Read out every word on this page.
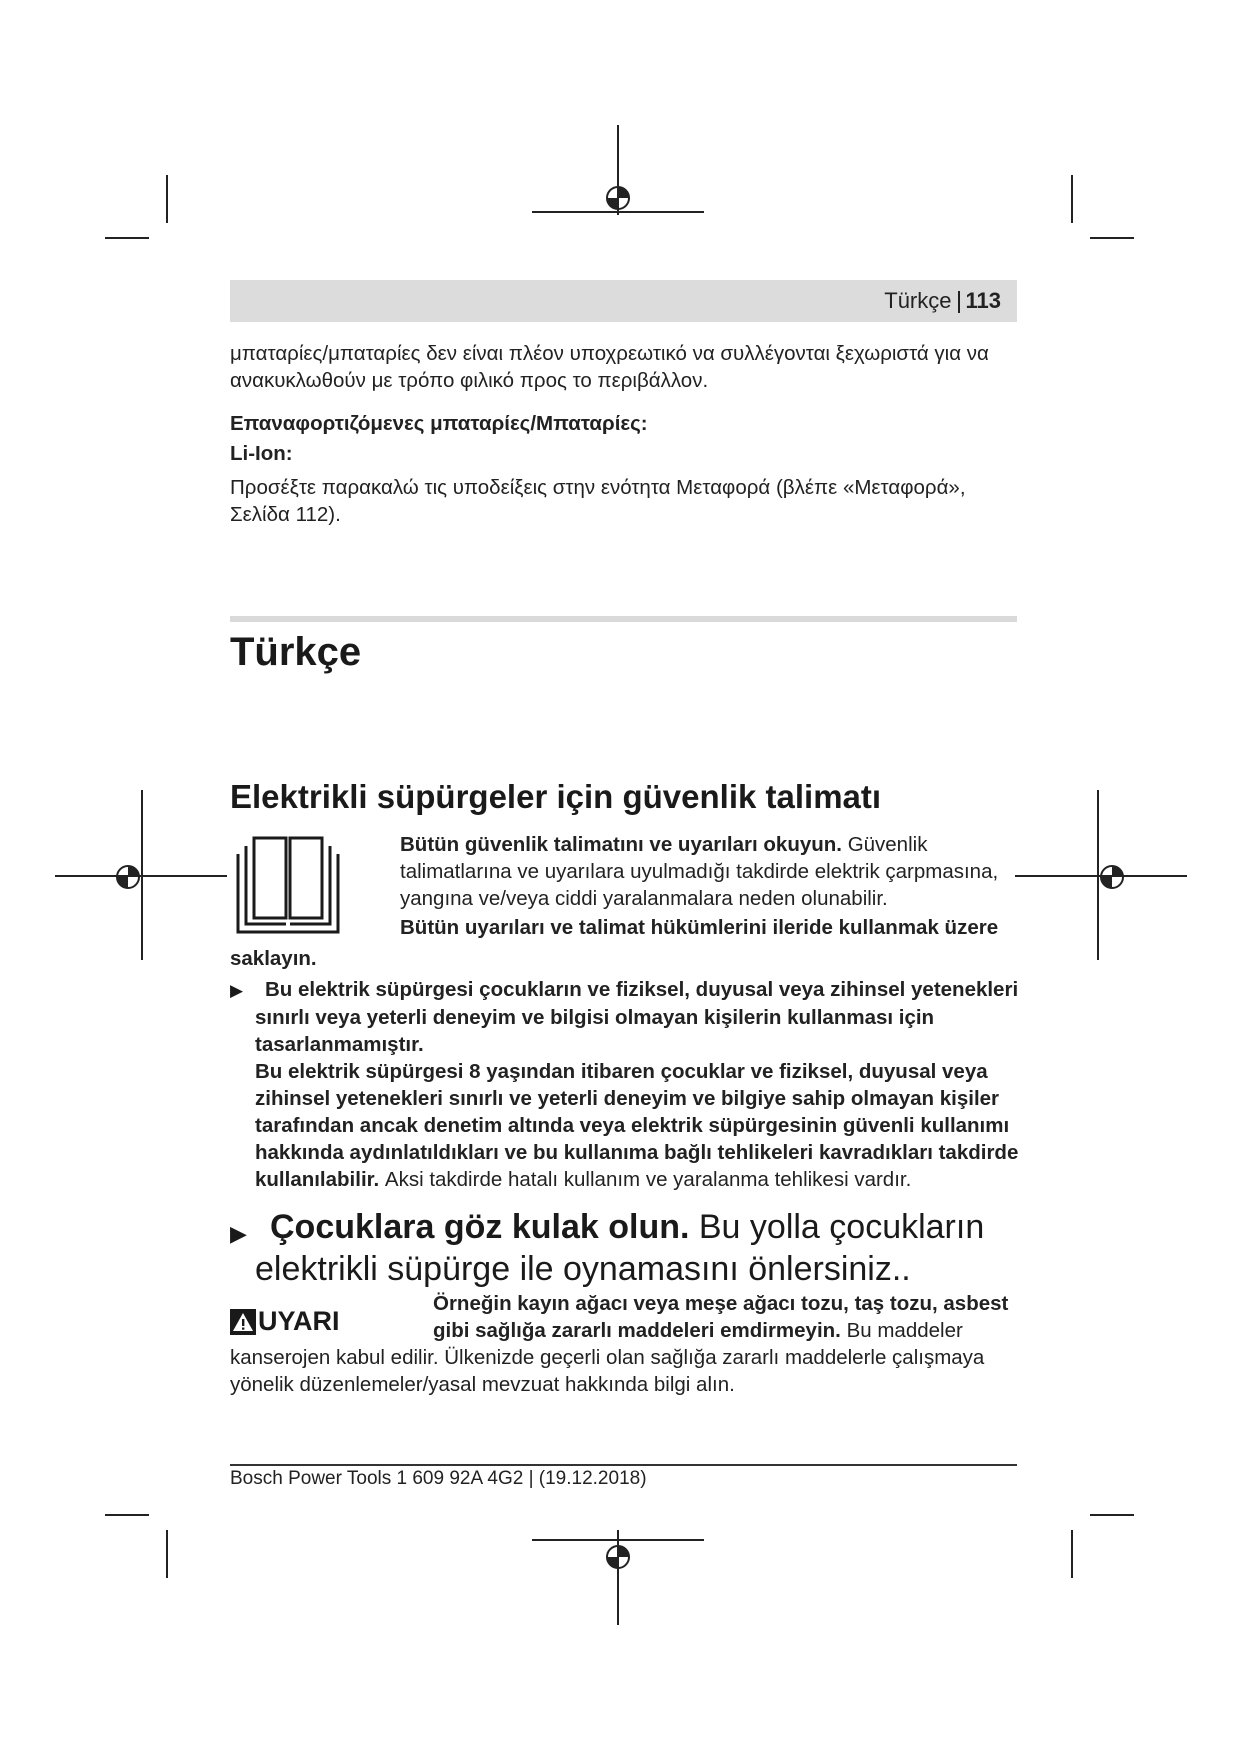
Türkçe 113
μπαταρίες/μπαταρίες δεν είναι πλέον υποχρεωτικό να συλλέγονται ξεχωριστά για να
ανακυκλωθούν με τρόπο φιλικό προς το περιβάλλον.
Επαναφορτιζόμενες μπαταρίες/Μπαταρίες:
Li-Ion:
Προσέξτε παρακαλώ τις υποδείξεις στην ενότητα Μεταφορά (βλέπε «Μεταφορά»,
Σελίδα 112).
Türkçe
Elektrikli süpürgeler için güvenlik talimatı
Bütün güvenlik talimatını ve uyarıları okuyun. Güvenlik
talimatlarına ve uyarılara uyulmadığı takdirde elektrik çarpmasına,
yangına ve/veya ciddi yaralanmalara neden olunabilir.
Bütün uyarıları ve talimat hükümlerini ileride kullanmak üzere
saklayın.
▶ Bu elektrik süpürgesi çocukların ve fiziksel, duyusal veya zihinsel yetenekleri
sınırlı veya yeterli deneyim ve bilgisi olmayan kişilerin kullanması için
tasarlanmamıştır.
Bu elektrik süpürgesi 8 yaşından itibaren çocuklar ve fiziksel, duyusal veya
zihinsel yetenekleri sınırlı ve yeterli deneyim ve bilgiye sahip olmayan kişiler
tarafından ancak denetim altında veya elektrik süpürgesinin güvenli kullanımı
hakkında aydınlatıldıkları ve bu kullanıma bağlı tehlikeleri kavradıkları takdirde
kullanılabilir. Aksi takdirde hatalı kullanım ve yaralanma tehlikesi vardır.
▶ Çocuklara göz kulak olun. Bu yolla çocukların
elektrikli süpürge ile oynamasını önlersiniz..
UYARI
Örneğin kayın ağacı veya meşe ağacı tozu, taş tozu, asbest
gibi sağlığa zararlı maddeleri emdirmeyin. Bu maddeler
kanserojen kabul edilir. Ülkenizde geçerli olan sağlığa zararlı maddelerle çalışmaya
yönelik düzenlemeler/yasal mevzuat hakkında bilgi alın.
Bosch Power Tools 1 609 92A 4G2 | (19.12.2018)
